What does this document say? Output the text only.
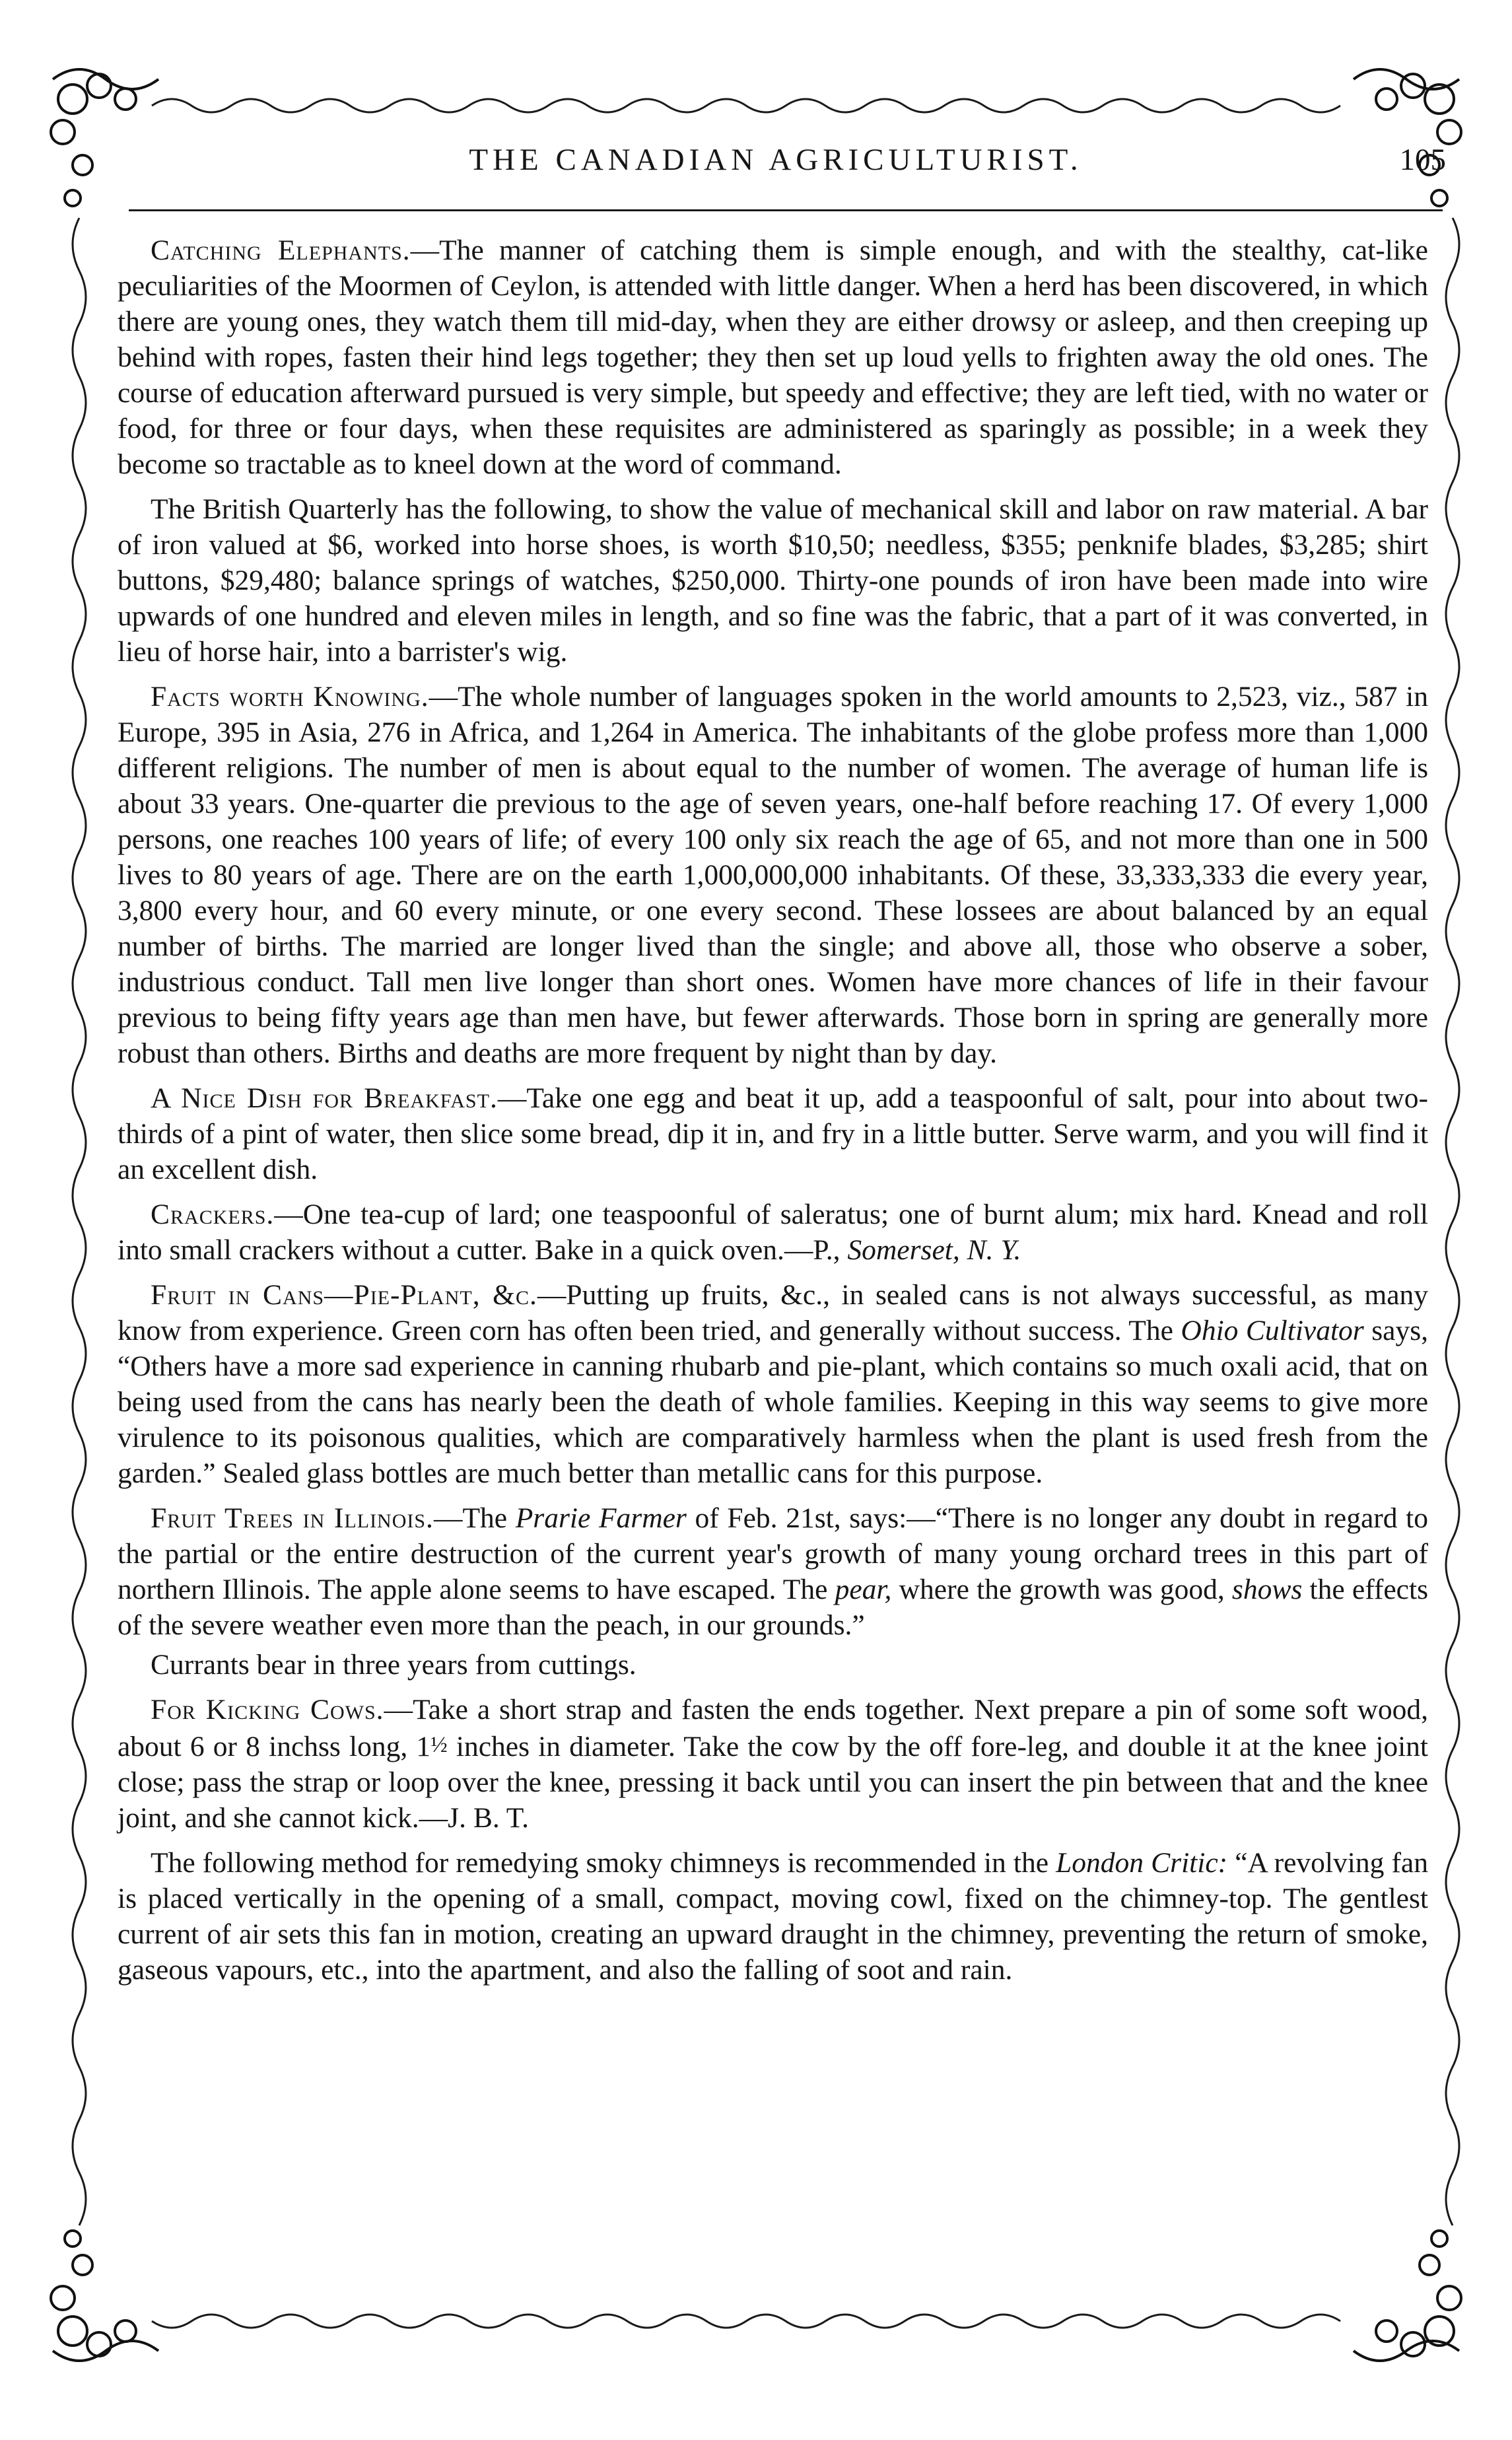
THE CANADIAN AGRICULTURIST.	105

Catching Elephants.—The manner of catching them is simple enough, and with the stealthy, cat-like peculiarities of the Moormen of Ceylon, is attended with little danger. When a herd has been discovered, in which there are young ones, they watch them till mid-day, when they are either drowsy or asleep, and then creeping up behind with ropes, fasten their hind legs together; they then set up loud yells to frighten away the old ones. The course of education afterward pursued is very simple, but speedy and effective; they are left tied, with no water or food, for three or four days, when these requisites are administered as sparingly as possible; in a week they become so tractable as to kneel down at the word of command.

The British Quarterly has the following, to show the value of mechanical skill and labor on raw material. A bar of iron valued at $6, worked into horse shoes, is worth $10,50; needless, $355; penknife blades, $3,285; shirt buttons, $29,480; balance springs of watches, $250,000. Thirty-one pounds of iron have been made into wire upwards of one hundred and eleven miles in length, and so fine was the fabric, that a part of it was converted, in lieu of horse hair, into a barrister's wig.

Facts worth Knowing.—The whole number of languages spoken in the world amounts to 2,523, viz., 587 in Europe, 395 in Asia, 276 in Africa, and 1,264 in America. The inhabitants of the globe profess more than 1,000 different religions. The number of men is about equal to the number of women. The average of human life is about 33 years. One-quarter die previous to the age of seven years, one-half before reaching 17. Of every 1,000 persons, one reaches 100 years of life; of every 100 only six reach the age of 65, and not more than one in 500 lives to 80 years of age. There are on the earth 1,000,000,000 inhabitants. Of these, 33,333,333 die every year, 3,800 every hour, and 60 every minute, or one every second. These lossees are about balanced by an equal number of births. The married are longer lived than the single; and above all, those who observe a sober, industrious conduct. Tall men live longer than short ones. Women have more chances of life in their favour previous to being fifty years age than men have, but fewer afterwards. Those born in spring are generally more robust than others. Births and deaths are more frequent by night than by day.

A Nice Dish for Breakfast.—Take one egg and beat it up, add a teaspoonful of salt, pour into about two-thirds of a pint of water, then slice some bread, dip it in, and fry in a little butter. Serve warm, and you will find it an excellent dish.

Crackers.—One tea-cup of lard; one teaspoonful of saleratus; one of burnt alum; mix hard. Knead and roll into small crackers without a cutter. Bake in a quick oven.—P., Somerset, N. Y.

Fruit in Cans—Pie-Plant, &c.—Putting up fruits, &c., in sealed cans is not always successful, as many know from experience. Green corn has often been tried, and generally without success. The Ohio Cultivator says, “Others have a more sad experience in canning rhubarb and pie-plant, which contains so much oxali acid, that on being used from the cans has nearly been the death of whole families. Keeping in this way seems to give more virulence to its poisonous qualities, which are comparatively harmless when the plant is used fresh from the garden.” Sealed glass bottles are much better than metallic cans for this purpose.

Fruit Trees in Illinois.—The Prarie Farmer of Feb. 21st, says:—“There is no longer any doubt in regard to the partial or the entire destruction of the current year's growth of many young orchard trees in this part of northern Illinois. The apple alone seems to have escaped. The pear, where the growth was good, shows the effects of the severe weather even more than the peach, in our grounds.”

Currants bear in three years from cuttings.

For Kicking Cows.—Take a short strap and fasten the ends together. Next prepare a pin of some soft wood, about 6 or 8 inchss long, 1½ inches in diameter. Take the cow by the off fore-leg, and double it at the knee joint close; pass the strap or loop over the knee, pressing it back until you can insert the pin between that and the knee joint, and she cannot kick.—J. B. T.

The following method for remedying smoky chimneys is recommended in the London Critic: “A revolving fan is placed vertically in the opening of a small, compact, moving cowl, fixed on the chimney-top. The gentlest current of air sets this fan in motion, creating an upward draught in the chimney, preventing the return of smoke, gaseous vapours, etc., into the apartment, and also the falling of soot and rain.
